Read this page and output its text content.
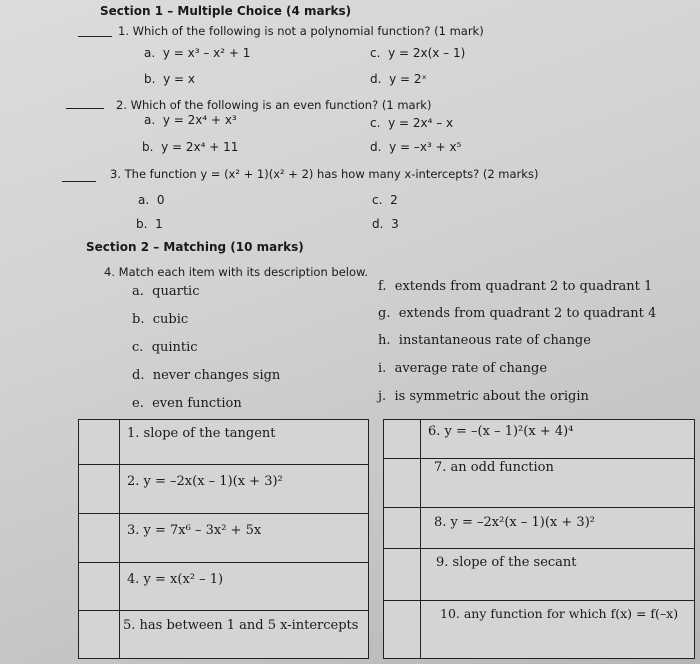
Section 1 – Multiple Choice (4 marks)
1. Which of the following is not a polynomial function? (1 mark)
a. y = x³ – x² + 1	c. y = 2x(x – 1)
b. y = x	d. y = 2ˣ
2. Which of the following is an even function? (1 mark)
a. y = 2x⁴ + x³	c. y = 2x⁴ – x
b. y = 2x⁴ + 11	d. y = –x³ + x⁵
3. The function y = (x² + 1)(x² + 2) has how many x-intercepts? (2 marks)
a. 0	c. 2
b. 1	d. 3
Section 2 – Matching (10 marks)
4. Match each item with its description below.
a. quartic
b. cubic
c. quintic
d. never changes sign
e. even function
f. extends from quadrant 2 to quadrant 1
g. extends from quadrant 2 to quadrant 4
h. instantaneous rate of change
i. average rate of change
j. is symmetric about the origin
1. slope of the tangent
2. y = –2x(x – 1)(x + 3)²
3. y = 7x⁶ – 3x² + 5x
4. y = x(x² – 1)
5. has between 1 and 5 x-intercepts
6. y = –(x – 1)²(x + 4)⁴
7. an odd function
8. y = –2x²(x – 1)(x + 3)²
9. slope of the secant
10. any function for which f(x) = f(–x)
